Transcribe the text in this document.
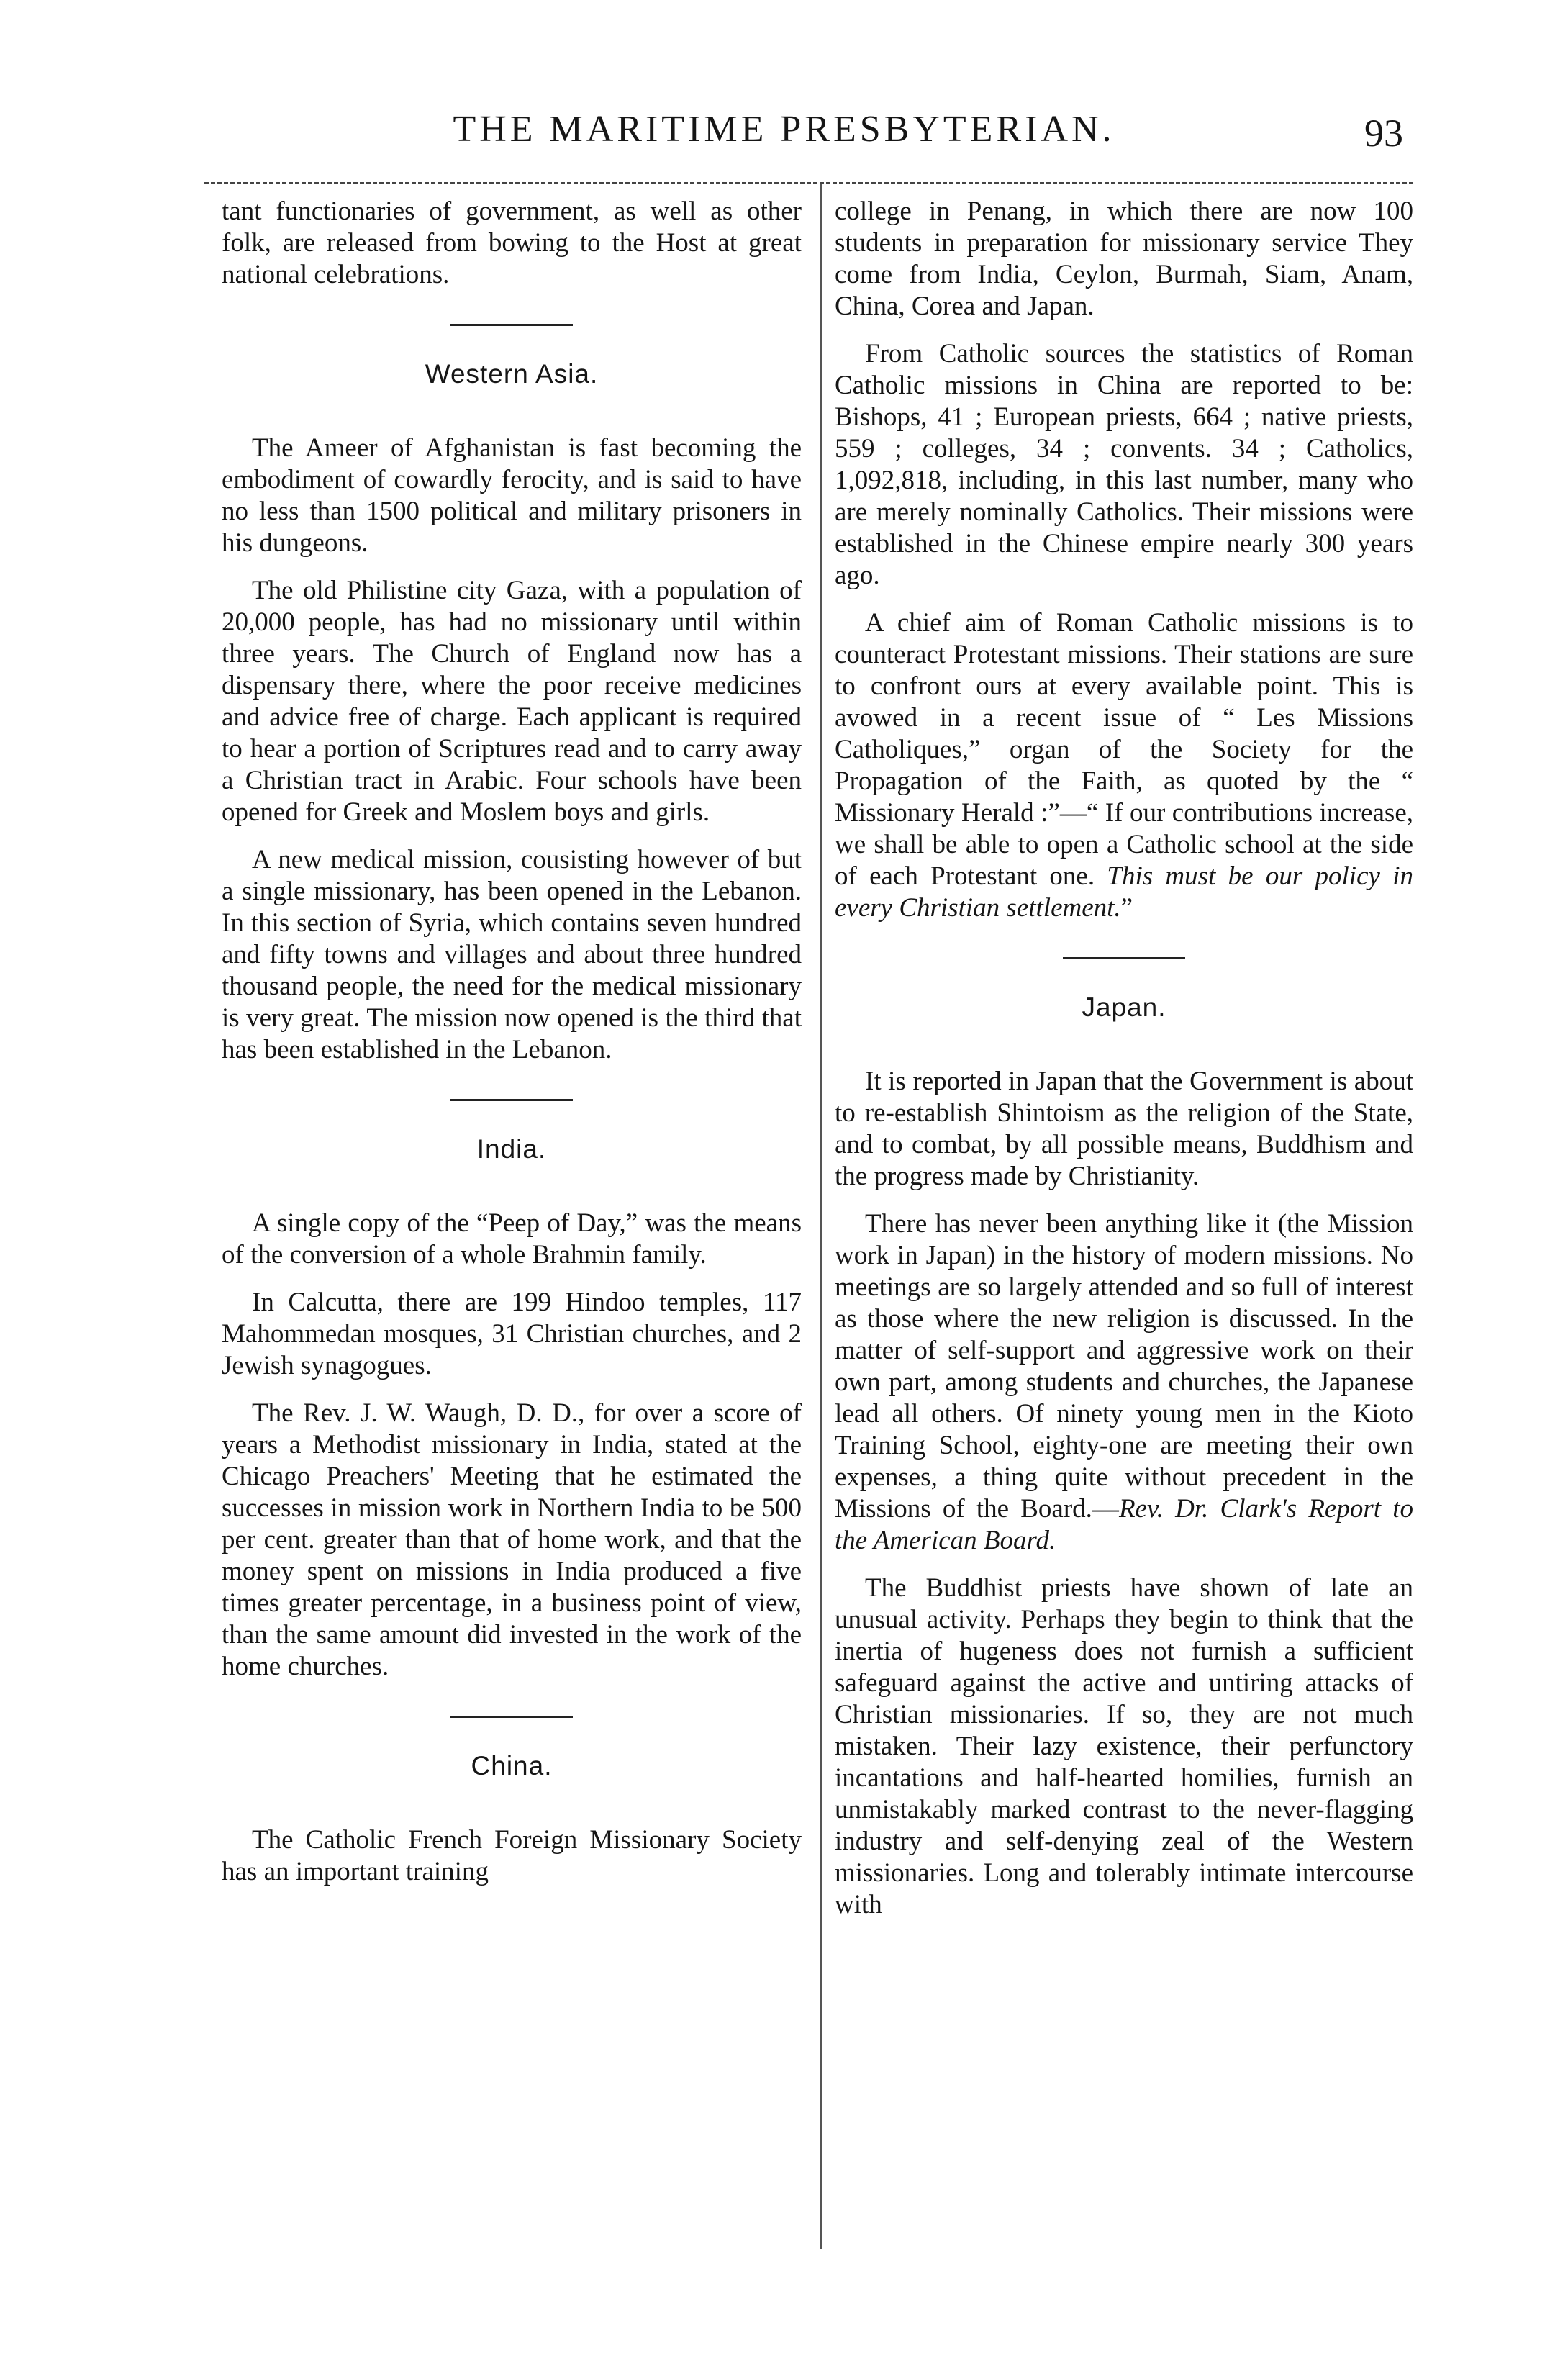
THE MARITIME PRESBYTERIAN.	93

tant functionaries of government, as well as other folk, are released from bowing to the Host at great national celebrations.

Western Asia.

The Ameer of Afghanistan is fast becoming the embodiment of cowardly ferocity, and is said to have no less than 1500 political and military prisoners in his dungeons.

The old Philistine city Gaza, with a population of 20,000 people, has had no missionary until within three years. The Church of England now has a dispensary there, where the poor receive medicines and advice free of charge. Each applicant is required to hear a portion of Scriptures read and to carry away a Christian tract in Arabic. Four schools have been opened for Greek and Moslem boys and girls.

A new medical mission, cousisting however of but a single missionary, has been opened in the Lebanon. In this section of Syria, which contains seven hundred and fifty towns and villages and about three hundred thousand people, the need for the medical missionary is very great. The mission now opened is the third that has been established in the Lebanon.

India.

A single copy of the “Peep of Day,” was the means of the conversion of a whole Brahmin family.

In Calcutta, there are 199 Hindoo temples, 117 Mahommedan mosques, 31 Christian churches, and 2 Jewish synagogues.

The Rev. J. W. Waugh, D. D., for over a score of years a Methodist missionary in India, stated at the Chicago Preachers' Meeting that he estimated the successes in mission work in Northern India to be 500 per cent. greater than that of home work, and that the money spent on missions in India produced a five times greater percentage, in a business point of view, than the same amount did invested in the work of the home churches.

China.

The Catholic French Foreign Missionary Society has an important training

college in Penang, in which there are now 100 students in preparation for missionary service They come from India, Ceylon, Burmah, Siam, Anam, China, Corea and Japan.

From Catholic sources the statistics of Roman Catholic missions in China are reported to be: Bishops, 41 ; European priests, 664 ; native priests, 559 ; colleges, 34 ; convents. 34 ; Catholics, 1,092,818, including, in this last number, many who are merely nominally Catholics. Their missions were established in the Chinese empire nearly 300 years ago.

A chief aim of Roman Catholic missions is to counteract Protestant missions. Their stations are sure to confront ours at every available point. This is avowed in a recent issue of “ Les Missions Catholiques,” organ of the Society for the Propagation of the Faith, as quoted by the “ Missionary Herald :”—“ If our contributions increase, we shall be able to open a Catholic school at the side of each Protestant one. This must be our policy in every Christian settlement.”

Japan.

It is reported in Japan that the Government is about to re-establish Shintoism as the religion of the State, and to combat, by all possible means, Buddhism and the progress made by Christianity.

There has never been anything like it (the Mission work in Japan) in the history of modern missions. No meetings are so largely attended and so full of interest as those where the new religion is discussed. In the matter of self-support and aggressive work on their own part, among students and churches, the Japanese lead all others. Of ninety young men in the Kioto Training School, eighty-one are meeting their own expenses, a thing quite without precedent in the Missions of the Board.—Rev. Dr. Clark's Report to the American Board.

The Buddhist priests have shown of late an unusual activity. Perhaps they begin to think that the inertia of hugeness does not furnish a sufficient safeguard against the active and untiring attacks of Christian missionaries. If so, they are not much mistaken. Their lazy existence, their perfunctory incantations and half-hearted homilies, furnish an unmistakably marked contrast to the never-flagging industry and self-denying zeal of the Western missionaries. Long and tolerably intimate intercourse with
